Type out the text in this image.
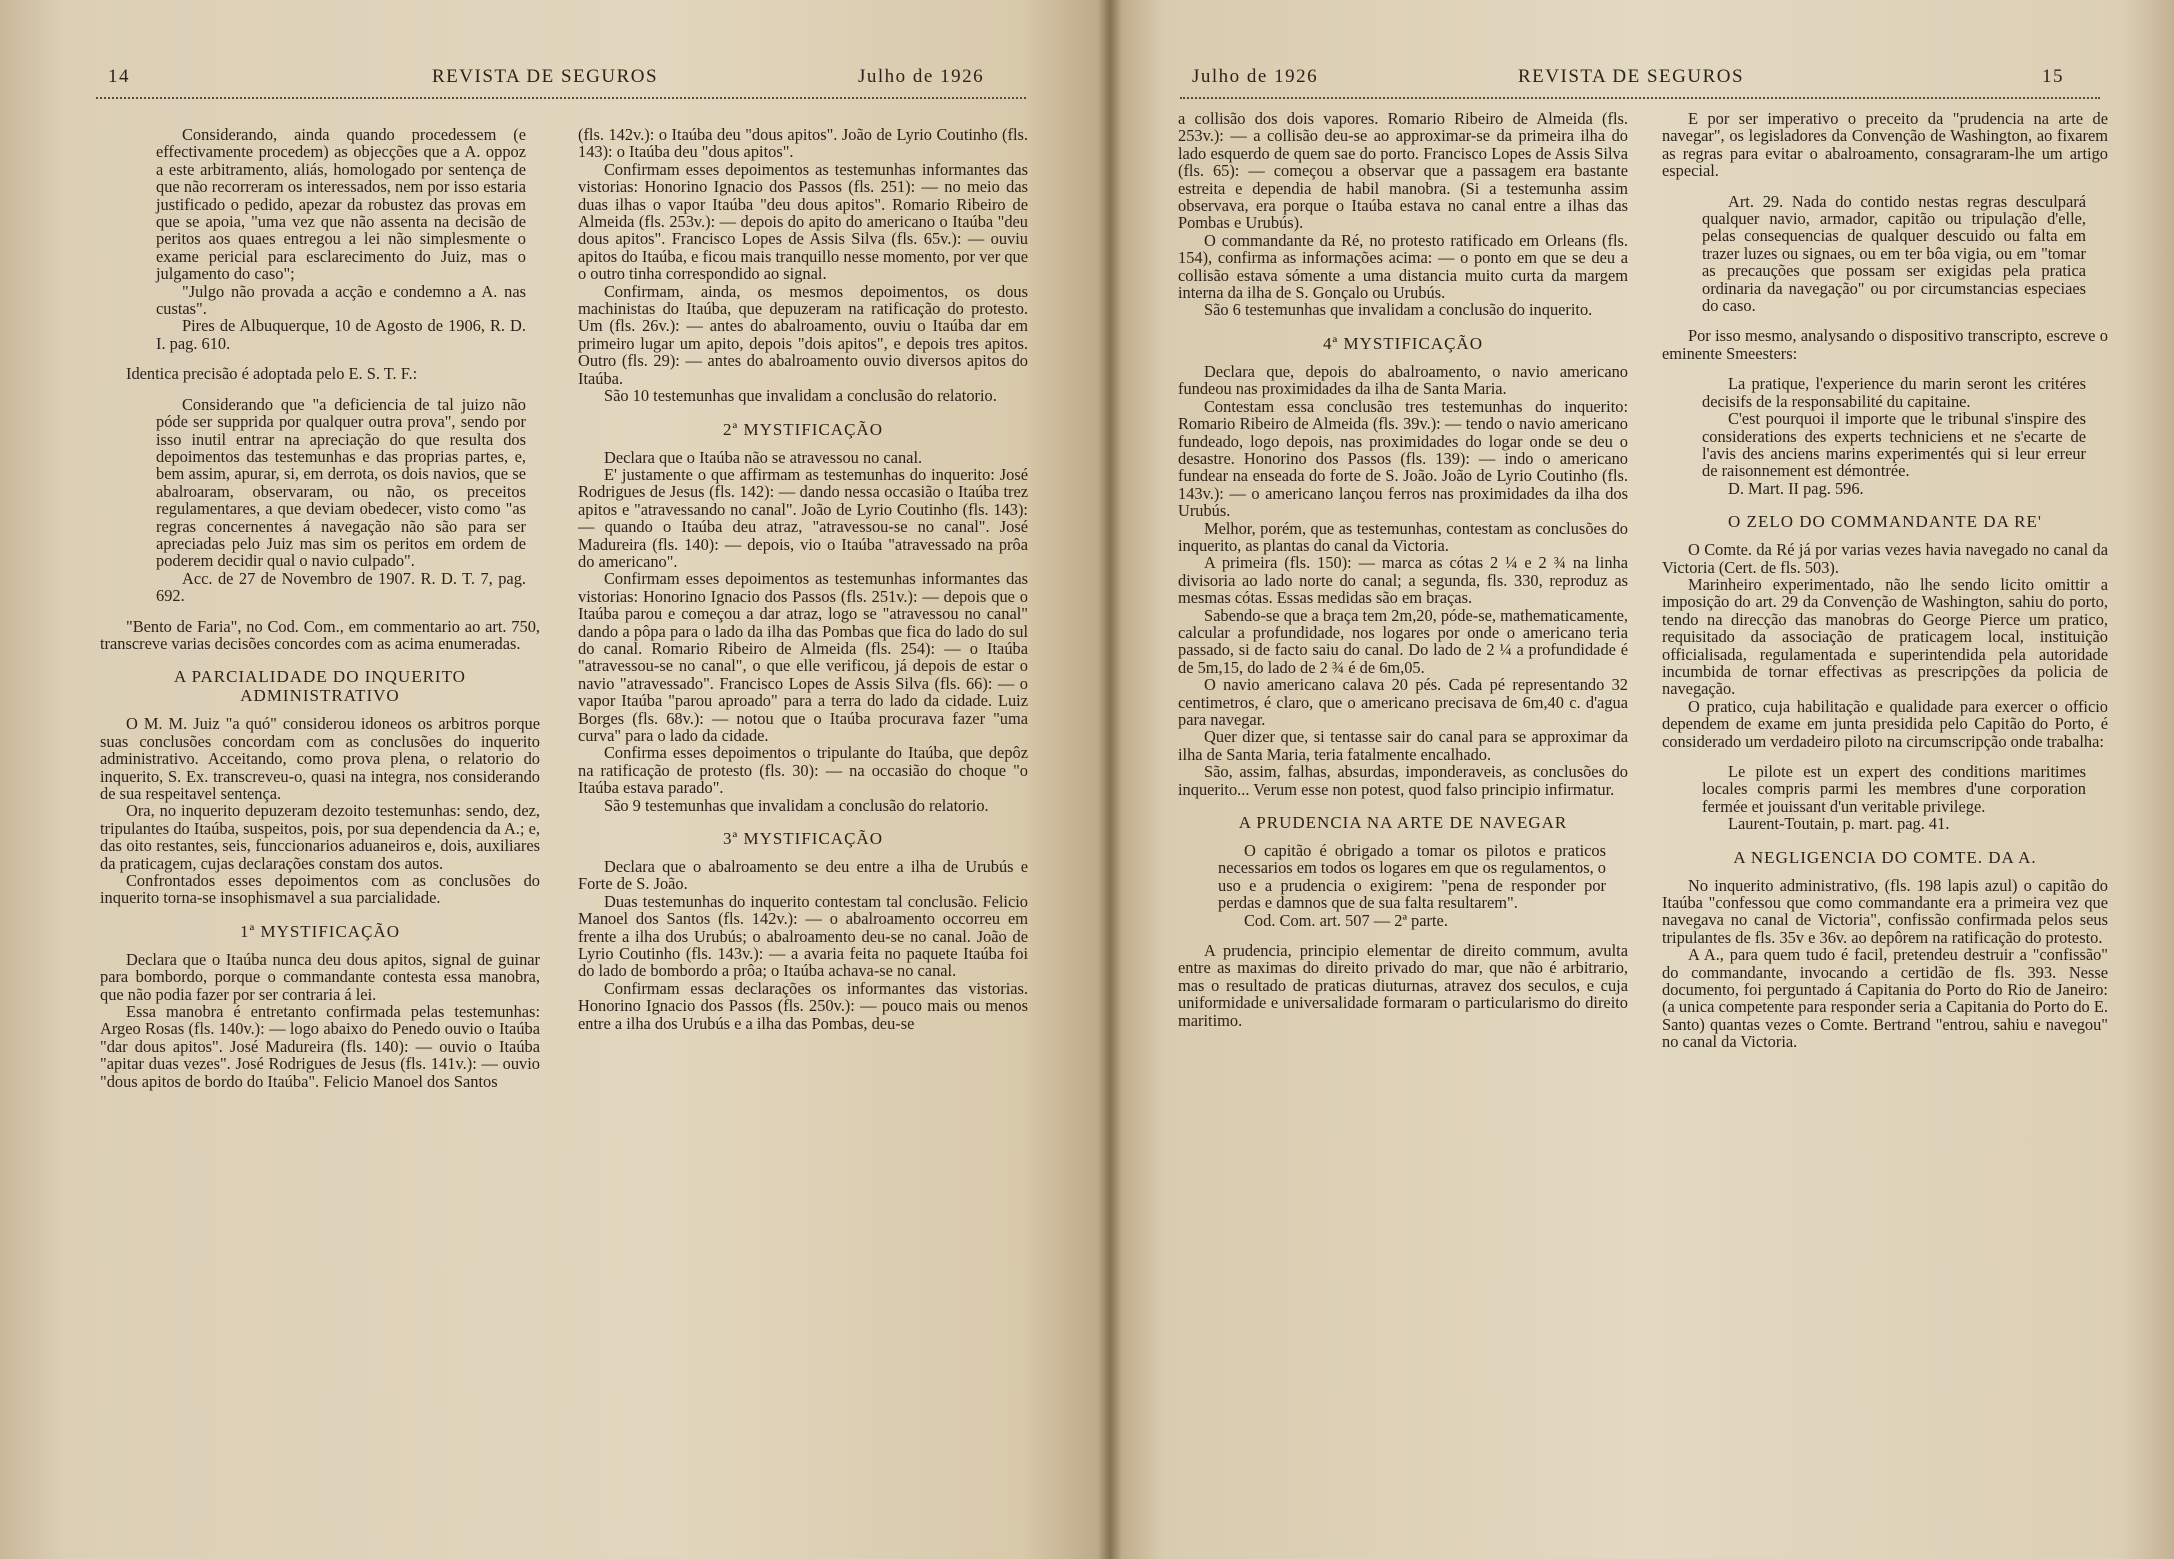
14	REVISTA DE SEGUROS	Julho de 1926

Considerando, ainda quando procedessem (e effectivamente procedem) as objecções que a A. oppoz a este arbitramento, aliás, homologado por sentença de que não recorreram os interessados, nem por isso estaria justificado o pedido, apezar da robustez das provas em que se apoia, "uma vez que não assenta na decisão de peritos aos quaes entregou a lei não simplesmente o exame pericial para esclarecimento do Juiz, mas o julgamento do caso";

"Julgo não provada a acção e condemno a A. nas custas".

Pires de Albuquerque, 10 de Agosto de 1906, R. D. I. pag. 610.

Identica precisão é adoptada pelo E. S. T. F.:

Considerando que "a deficiencia de tal juizo não póde ser supprida por qualquer outra prova", sendo por isso inutil entrar na apreciação do que resulta dos depoimentos das testemunhas e das proprias partes, e, bem assim, apurar, si, em derrota, os dois navios, que se abalroaram, observaram, ou não, os preceitos regulamentares, a que deviam obedecer, visto como "as regras concernentes á navegação não são para ser apreciadas pelo Juiz mas sim os peritos em ordem de poderem decidir qual o navio culpado".

Acc. de 27 de Novembro de 1907. R. D. T. 7, pag. 692.

"Bento de Faria", no Cod. Com., em commentario ao art. 750, transcreve varias decisões concordes com as acima enumeradas.

A PARCIALIDADE DO INQUERITO ADMINISTRATIVO

O M. M. Juiz "a quó" considerou idoneos os arbitros porque suas conclusões concordam com as conclusões do inquerito administrativo. Acceitando, como prova plena, o relatorio do inquerito, S. Ex. transcreveu-o, quasi na integra, nos considerando de sua respeitavel sentença.

Ora, no inquerito depuzeram dezoito testemunhas: sendo, dez, tripulantes do Itaúba, suspeitos, pois, por sua dependencia da A.; e, das oito restantes, seis, funccionarios aduaneiros e, dois, auxiliares da praticagem, cujas declarações constam dos autos.

Confrontados esses depoimentos com as conclusões do inquerito torna-se insophismavel a sua parcialidade.

1ª MYSTIFICAÇÃO

Declara que o Itaúba nunca deu dous apitos, signal de guinar para bombordo, porque o commandante contesta essa manobra, que não podia fazer por ser contraria á lei.

Essa manobra é entretanto confirmada pelas testemunhas: Argeo Rosas (fls. 140v.): — logo abaixo do Penedo ouvio o Itaúba "dar dous apitos". José Madureira (fls. 140): — ouvio o Itaúba "apitar duas vezes". José Rodrigues de Jesus (fls. 141v.): — ouvio "dous apitos de bordo do Itaúba". Felicio Manoel dos Santos

(fls. 142v.): o Itaúba deu "dous apitos". João de Lyrio Coutinho (fls. 143): o Itaúba deu "dous apitos".

Confirmam esses depoimentos as testemunhas informantes das vistorias: Honorino Ignacio dos Passos (fls. 251): — no meio das duas ilhas o vapor Itaúba "deu dous apitos". Romario Ribeiro de Almeida (fls. 253v.): — depois do apito do americano o Itaúba "deu dous apitos". Francisco Lopes de Assis Silva (fls. 65v.): — ouviu apitos do Itaúba, e ficou mais tranquillo nesse momento, por ver que o outro tinha correspondido ao signal.

Confirmam, ainda, os mesmos depoimentos, os dous machinistas do Itaúba, que depuzeram na ratificação do protesto. Um (fls. 26v.): — antes do abalroamento, ouviu o Itaúba dar em primeiro lugar um apito, depois "dois apitos", e depois tres apitos. Outro (fls. 29): — antes do abalroamento ouvio diversos apitos do Itaúba.

São 10 testemunhas que invalidam a conclusão do relatorio.

2ª MYSTIFICAÇÃO

Declara que o Itaúba não se atravessou no canal.

E' justamente o que affirmam as testemunhas do inquerito: José Rodrigues de Jesus (fls. 142): — dando nessa occasião o Itaúba trez apitos e "atravessando no canal". João de Lyrio Coutinho (fls. 143): — quando o Itaúba deu atraz, "atravessou-se no canal". José Madureira (fls. 140): — depois, vio o Itaúba "atravessado na prôa do americano".

Confirmam esses depoimentos as testemunhas informantes das vistorias: Honorino Ignacio dos Passos (fls. 251v.): — depois que o Itaúba parou e começou a dar atraz, logo se "atravessou no canal" dando a pôpa para o lado da ilha das Pombas que fica do lado do sul do canal. Romario Ribeiro de Almeida (fls. 254): — o Itaúba "atravessou-se no canal", o que elle verificou, já depois de estar o navio "atravessado". Francisco Lopes de Assis Silva (fls. 66): — o vapor Itaúba "parou aproado" para a terra do lado da cidade. Luiz Borges (fls. 68v.): — notou que o Itaúba procurava fazer "uma curva" para o lado da cidade.

Confirma esses depoimentos o tripulante do Itaúba, que depôz na ratificação de protesto (fls. 30): — na occasião do choque "o Itaúba estava parado".

São 9 testemunhas que invalidam a conclusão do relatorio.

3ª MYSTIFICAÇÃO

Declara que o abalroamento se deu entre a ilha de Urubús e Forte de S. João.

Duas testemunhas do inquerito contestam tal conclusão. Felicio Manoel dos Santos (fls. 142v.): — o abalroamento occorreu em frente a ilha dos Urubús; o abalroamento deu-se no canal. João de Lyrio Coutinho (fls. 143v.): — a avaria feita no paquete Itaúba foi do lado de bombordo a prôa; o Itaúba achava-se no canal.

Confirmam essas declarações os informantes das vistorias. Honorino Ignacio dos Passos (fls. 250v.): — pouco mais ou menos entre a ilha dos Urubús e a ilha das Pombas, deu-se

Julho de 1926	REVISTA DE SEGUROS	15

a collisão dos dois vapores. Romario Ribeiro de Almeida (fls. 253v.): — a collisão deu-se ao approximar-se da primeira ilha do lado esquerdo de quem sae do porto. Francisco Lopes de Assis Silva (fls. 65): — começou a observar que a passagem era bastante estreita e dependia de habil manobra. (Si a testemunha assim observava, era porque o Itaúba estava no canal entre a ilhas das Pombas e Urubús).

O commandante da Ré, no protesto ratificado em Orleans (fls. 154), confirma as informações acima: — o ponto em que se deu a collisão estava sómente a uma distancia muito curta da margem interna da ilha de S. Gonçalo ou Urubús.

São 6 testemunhas que invalidam a conclusão do inquerito.

4ª MYSTIFICAÇÃO

Declara que, depois do abalroamento, o navio americano fundeou nas proximidades da ilha de Santa Maria.

Contestam essa conclusão tres testemunhas do inquerito: Romario Ribeiro de Almeida (fls. 39v.): — tendo o navio americano fundeado, logo depois, nas proximidades do logar onde se deu o desastre. Honorino dos Passos (fls. 139): — indo o americano fundear na enseada do forte de S. João. João de Lyrio Coutinho (fls. 143v.): — o americano lançou ferros nas proximidades da ilha dos Urubús.

Melhor, porém, que as testemunhas, contestam as conclusões do inquerito, as plantas do canal da Victoria.

A primeira (fls. 150): — marca as cótas 2 ¼ e 2 ¾ na linha divisoria ao lado norte do canal; a segunda, fls. 330, reproduz as mesmas cótas. Essas medidas são em braças.

Sabendo-se que a braça tem 2m,20, póde-se, mathematicamente, calcular a profundidade, nos logares por onde o americano teria passado, si de facto saiu do canal. Do lado de 2 ¼ a profundidade é de 5m,15, do lado de 2 ¾ é de 6m,05.

O navio americano calava 20 pés. Cada pé representando 32 centimetros, é claro, que o americano precisava de 6m,40 c. d'agua para navegar.

Quer dizer que, si tentasse sair do canal para se approximar da ilha de Santa Maria, teria fatalmente encalhado.

São, assim, falhas, absurdas, imponderaveis, as conclusões do inquerito... Verum esse non potest, quod falso principio infirmatur.

A PRUDENCIA NA ARTE DE NAVEGAR

O capitão é obrigado a tomar os pilotos e praticos necessarios em todos os logares em que os regulamentos, o uso e a prudencia o exigirem: "pena de responder por perdas e damnos que de sua falta resultarem".

Cod. Com. art. 507 — 2ª parte.

A prudencia, principio elementar de direito commum, avulta entre as maximas do direito privado do mar, que não é arbitrario, mas o resultado de praticas diuturnas, atravez dos seculos, e cuja uniformidade e universalidade formaram o particularismo do direito maritimo.

E por ser imperativo o preceito da "prudencia na arte de navegar", os legisladores da Convenção de Washington, ao fixarem as regras para evitar o abalroamento, consagraram-lhe um artigo especial.

Art. 29. Nada do contido nestas regras desculpará qualquer navio, armador, capitão ou tripulação d'elle, pelas consequencias de qualquer descuido ou falta em trazer luzes ou signaes, ou em ter bôa vigia, ou em "tomar as precauções que possam ser exigidas pela pratica ordinaria da navegação" ou por circumstancias especiaes do caso.

Por isso mesmo, analysando o dispositivo transcripto, escreve o eminente Smeesters:

La pratique, l'experience du marin seront les critéres decisifs de la responsabilité du capitaine.

C'est pourquoi il importe que le tribunal s'inspire des considerations des experts techniciens et ne s'ecarte de l'avis des anciens marins experimentés qui si leur erreur de raisonnement est démontrée.

D. Mart. II pag. 596.

O ZELO DO COMMANDANTE DA RE'

O Comte. da Ré já por varias vezes havia navegado no canal da Victoria (Cert. de fls. 503).

Marinheiro experimentado, não lhe sendo licito omittir a imposição do art. 29 da Convenção de Washington, sahiu do porto, tendo na direcção das manobras do George Pierce um pratico, requisitado da associação de praticagem local, instituição officialisada, regulamentada e superintendida pela autoridade incumbida de tornar effectivas as prescripções da policia de navegação.

O pratico, cuja habilitação e qualidade para exercer o officio dependem de exame em junta presidida pelo Capitão do Porto, é considerado um verdadeiro piloto na circumscripção onde trabalha:

Le pilote est un expert des conditions maritimes locales compris parmi les membres d'une corporation fermée et jouissant d'un veritable privilege.

Laurent-Toutain, p. mart. pag. 41.

A NEGLIGENCIA DO COMTE. DA A.

No inquerito administrativo, (fls. 198 lapis azul) o capitão do Itaúba "confessou que como commandante era a primeira vez que navegava no canal de Victoria", confissão confirmada pelos seus tripulantes de fls. 35v e 36v. ao depôrem na ratificação do protesto.

A A., para quem tudo é facil, pretendeu destruir a "confissão" do commandante, invocando a certidão de fls. 393. Nesse documento, foi perguntado á Capitania do Porto do Rio de Janeiro: (a unica competente para responder seria a Capitania do Porto do E. Santo) quantas vezes o Comte. Bertrand "entrou, sahiu e navegou" no canal da Victoria.
